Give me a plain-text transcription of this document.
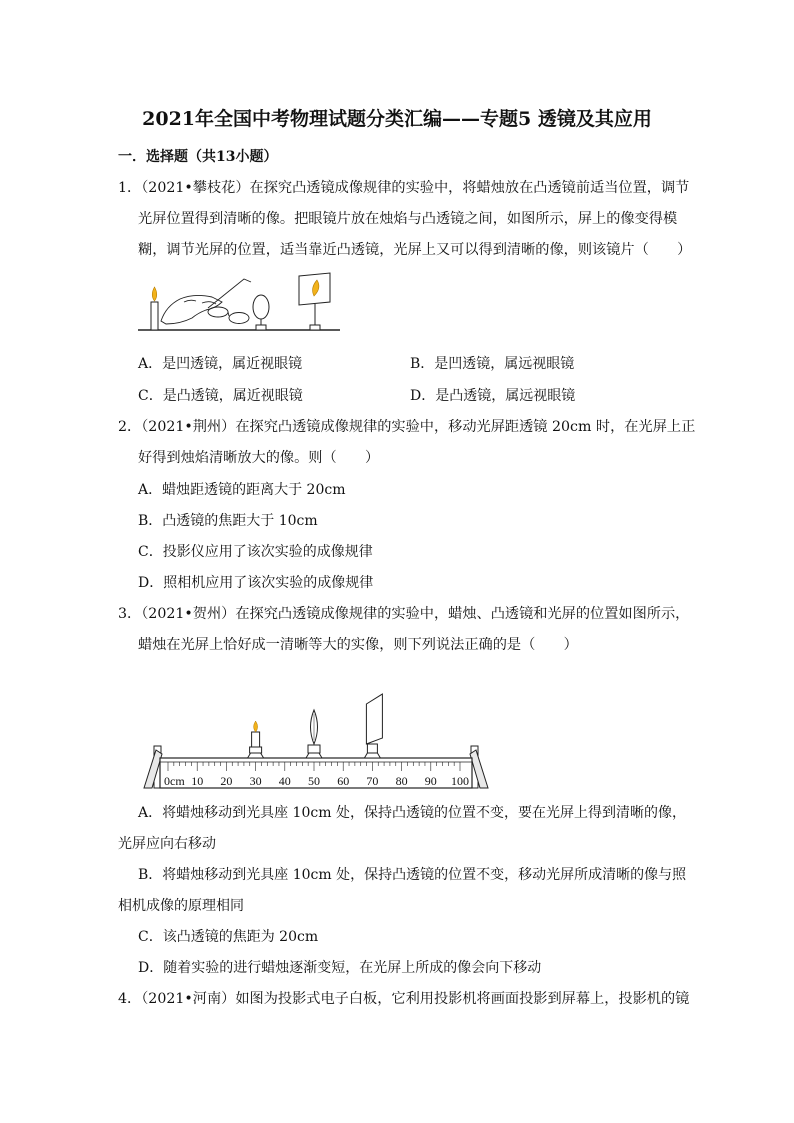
2021年全国中考物理试题分类汇编——专题5 透镜及其应用
一．选择题（共13小题）
1．（2021•攀枝花）在探究凸透镜成像规律的实验中，将蜡烛放在凸透镜前适当位置，调节
光屏位置得到清晰的像。把眼镜片放在烛焰与凸透镜之间，如图所示，屏上的像变得模
糊，调节光屏的位置，适当靠近凸透镜，光屏上又可以得到清晰的像，则该镜片（　　）
A．是凹透镜，属近视眼镜	B．是凹透镜，属远视眼镜
C．是凸透镜，属近视眼镜	D．是凸透镜，属远视眼镜
2．（2021•荆州）在探究凸透镜成像规律的实验中，移动光屏距透镜 20cm 时，在光屏上正
好得到烛焰清晰放大的像。则（　　）
A．蜡烛距透镜的距离大于 20cm
B．凸透镜的焦距大于 10cm
C．投影仪应用了该次实验的成像规律
D．照相机应用了该次实验的成像规律
3．（2021•贺州）在探究凸透镜成像规律的实验中，蜡烛、凸透镜和光屏的位置如图所示，
蜡烛在光屏上恰好成一清晰等大的实像，则下列说法正确的是（　　）
0cm 10 20 30 40 50 60 70 80 90 100
A．将蜡烛移动到光具座 10cm 处，保持凸透镜的位置不变，要在光屏上得到清晰的像，
光屏应向右移动
B．将蜡烛移动到光具座 10cm 处，保持凸透镜的位置不变，移动光屏所成清晰的像与照
相机成像的原理相同
C．该凸透镜的焦距为 20cm
D．随着实验的进行蜡烛逐渐变短，在光屏上所成的像会向下移动
4．（2021•河南）如图为投影式电子白板，它利用投影机将画面投影到屏幕上，投影机的镜
